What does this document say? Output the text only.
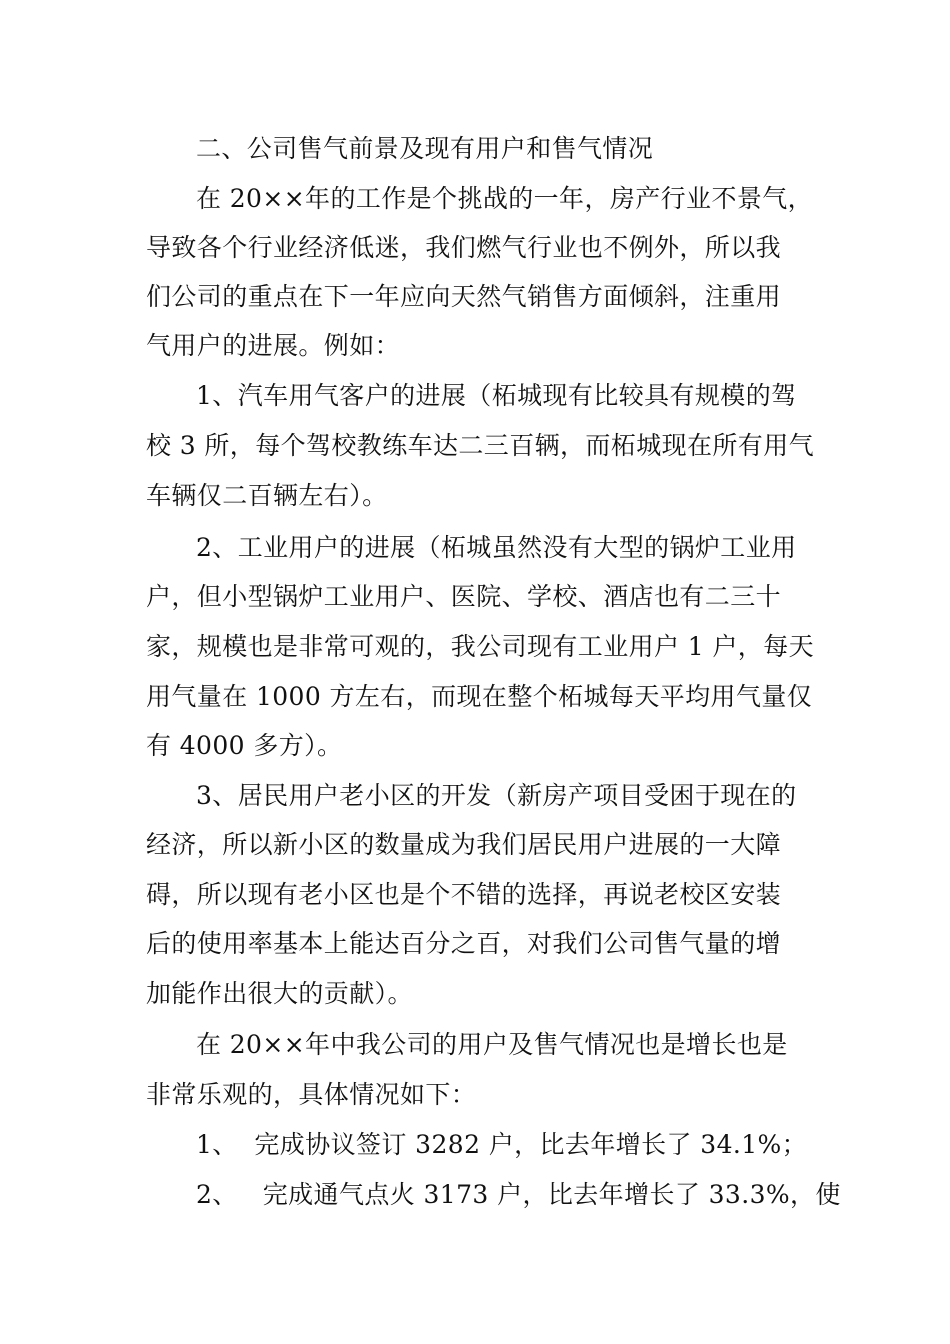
二、公司售气前景及现有用户和售气情况
在 20××年的工作是个挑战的一年，房产行业不景气，
导致各个行业经济低迷，我们燃气行业也不例外，所以我
们公司的重点在下一年应向天然气销售方面倾斜，注重用
气用户的进展。例如：
1、汽车用气客户的进展（柘城现有比较具有规模的驾
校 3 所，每个驾校教练车达二三百辆，而柘城现在所有用气
车辆仅二百辆左右）。
2、工业用户的进展（柘城虽然没有大型的锅炉工业用
户，但小型锅炉工业用户、医院、学校、酒店也有二三十
家，规模也是非常可观的，我公司现有工业用户 1 户，每天
用气量在 1000 方左右，而现在整个柘城每天平均用气量仅
有 4000 多方）。
3、居民用户老小区的开发（新房产项目受困于现在的
经济，所以新小区的数量成为我们居民用户进展的一大障
碍，所以现有老小区也是个不错的选择，再说老校区安装
后的使用率基本上能达百分之百，对我们公司售气量的增
加能作出很大的贡献）。
在 20××年中我公司的用户及售气情况也是增长也是
非常乐观的，具体情况如下：
1、  完成协议签订 3282 户，比去年增长了 34.1%；
2、   完成通气点火 3173 户，比去年增长了 33.3%，使
